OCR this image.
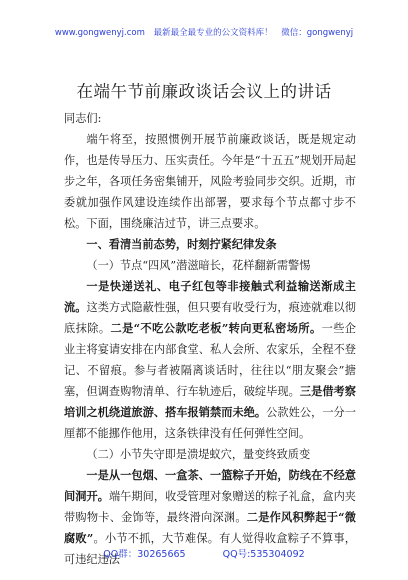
www.gongwenyj.com 最新最全最专业的公文资料库！ 微信：gongwenyj
在端午节前廉政谈话会议上的讲话

同志们:

端午将至，按照惯例开展节前廉政谈话，既是规定动作，也是传导压力、压实责任。今年是“十五五”规划开局起步之年，各项任务密集铺开，风险考验同步交织。近期，市委就加强作风建设连续作出部署，要求每个节点都寸步不松。下面，围绕廉洁过节，讲三点要求。

一、看清当前态势，时刻拧紧纪律发条

（一）节点“四风”潜滋暗长，花样翻新需警惕

一是快递送礼、电子红包等非接触式利益输送渐成主流。这类方式隐蔽性强，但只要有收受行为，痕迹就难以彻底抹除。二是“不吃公款吃老板”转向更私密场所。一些企业主将宴请安排在内部食堂、私人会所、农家乐，全程不登记、不留痕。参与者被隔离谈话时，往往以“朋友聚会”搪塞，但调查购物清单、行车轨迹后，破绽毕现。三是借考察培训之机绕道旅游、搭车报销禁而未绝。公款姓公，一分一厘都不能挪作他用，这条铁律没有任何弹性空间。

（二）小节失守即是溃堤蚁穴，量变终致质变

一是从一包烟、一盒茶、一篮粽子开始，防线在不经意间洞开。端午期间，收受管理对象赠送的粽子礼盒，盒内夹带购物卡、金饰等，最终滑向深渊。二是作风积弊起于“微腐败”。小节不抓，大节难保。有人觉得收盒粽子不算事，可违纪违法

QQ群：30265665	QQ号:535304092
